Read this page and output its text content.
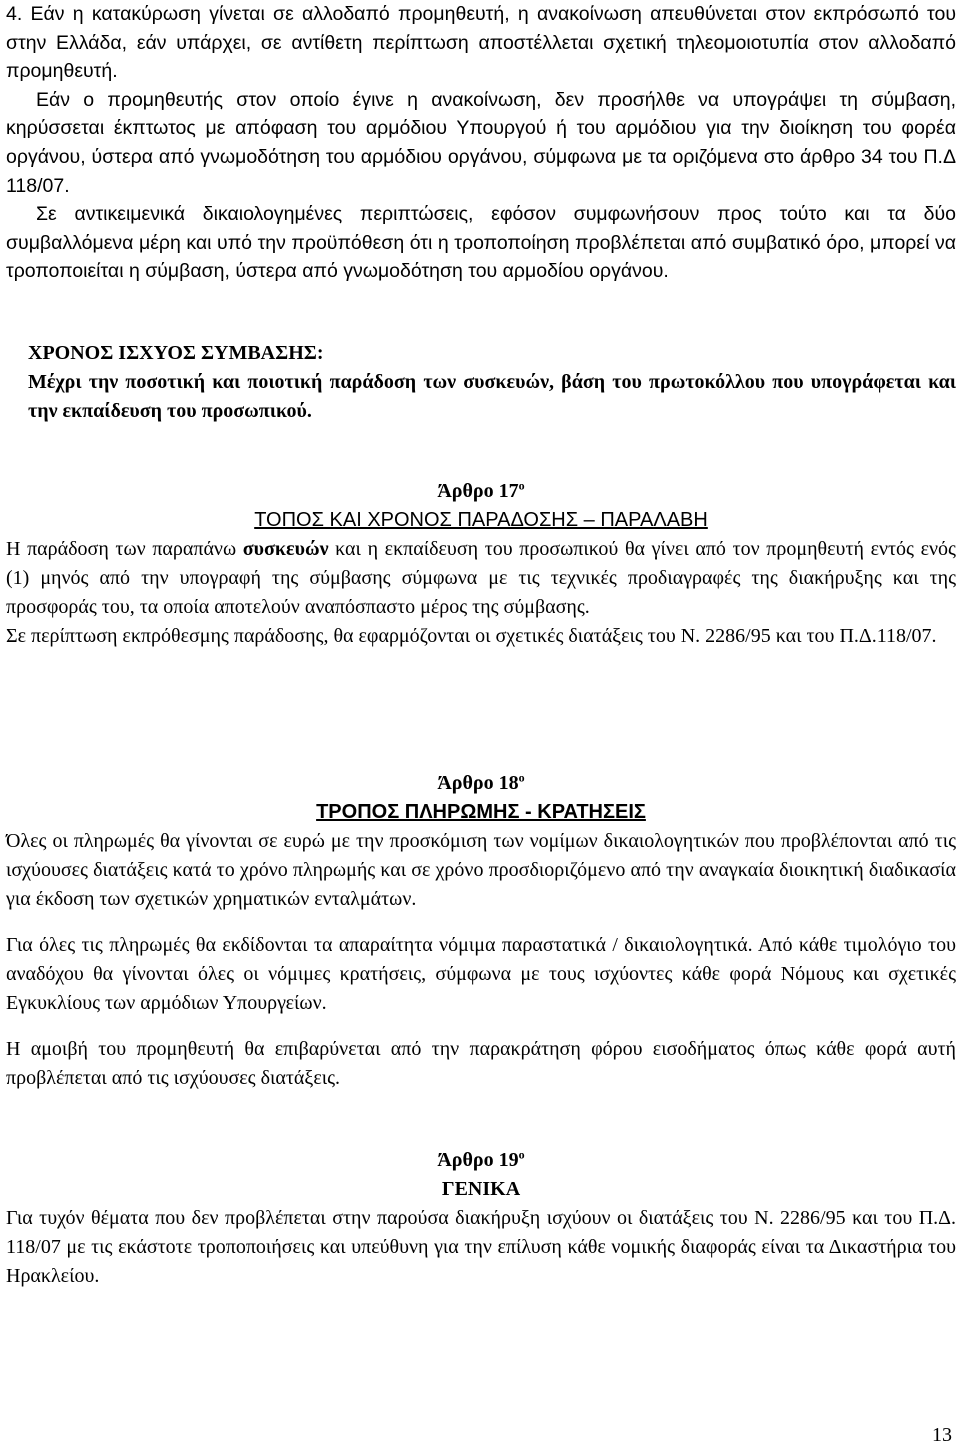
4. Εάν η κατακύρωση γίνεται σε αλλοδαπό προμηθευτή, η ανακοίνωση απευθύνεται στον εκπρόσωπό του στην Ελλάδα, εάν υπάρχει, σε αντίθετη περίπτωση αποστέλλεται σχετική τηλεομοιοτυπία στον αλλοδαπό προμηθευτή.

Εάν ο προμηθευτής στον οποίο έγινε η ανακοίνωση, δεν προσήλθε να υπογράψει τη σύμβαση, κηρύσσεται έκπτωτος με απόφαση του αρμόδιου Υπουργού ή του αρμόδιου για την διοίκηση του φορέα οργάνου, ύστερα από γνωμοδότηση του αρμόδιου οργάνου, σύμφωνα με τα οριζόμενα στο άρθρο 34 του Π.Δ 118/07.

Σε αντικειμενικά δικαιολογημένες περιπτώσεις, εφόσον συμφωνήσουν προς τούτο και τα δύο συμβαλλόμενα μέρη και υπό την προϋπόθεση ότι η τροποποίηση προβλέπεται από συμβατικό όρο, μπορεί να τροποποιείται η σύμβαση, ύστερα από γνωμοδότηση του αρμοδίου οργάνου.

ΧΡΟΝΟΣ ΙΣΧΥΟΣ ΣΥΜΒΑΣΗΣ:

Μέχρι την ποσοτική και ποιοτική παράδοση των συσκευών, βάση του πρωτοκόλλου που υπογράφεται και την εκπαίδευση του προσωπικού.

Άρθρο $17^o$

ΤΟΠΟΣ ΚΑΙ ΧΡΟΝΟΣ ΠΑΡΑΔΟΣΗΣ – ΠΑΡΑΛΑΒΗ

Η παράδοση των παραπάνω συσκευών και η εκπαίδευση του προσωπικού θα γίνει από τον προμηθευτή εντός ενός (1) μηνός από την υπογραφή της σύμβασης σύμφωνα με τις τεχνικές προδιαγραφές της διακήρυξης και της προσφοράς του, τα οποία αποτελούν αναπόσπαστο μέρος της σύμβασης.

Σε περίπτωση εκπρόθεσμης παράδοσης, θα εφαρμόζονται οι σχετικές διατάξεις του Ν. 2286/95 και του Π.Δ.118/07.

Άρθρο $18^o$

ΤΡΟΠΟΣ ΠΛΗΡΩΜΗΣ - ΚΡΑΤΗΣΕΙΣ

Όλες οι πληρωμές θα γίνονται σε ευρώ με την προσκόμιση των νομίμων δικαιολογητικών που προβλέπονται από τις ισχύουσες διατάξεις κατά το χρόνο πληρωμής και σε χρόνο προσδιοριζόμενο από την αναγκαία διοικητική διαδικασία για έκδοση των σχετικών χρηματικών ενταλμάτων.

Για όλες τις πληρωμές θα εκδίδονται τα απαραίτητα νόμιμα παραστατικά / δικαιολογητικά. Από κάθε τιμολόγιο του αναδόχου θα γίνονται όλες οι νόμιμες κρατήσεις, σύμφωνα με τους ισχύοντες κάθε φορά Νόμους και σχετικές Εγκυκλίους των αρμόδιων Υπουργείων.

Η αμοιβή του προμηθευτή θα επιβαρύνεται από την παρακράτηση φόρου εισοδήματος όπως κάθε φορά αυτή προβλέπεται από τις ισχύουσες διατάξεις.

Άρθρο $19^o$

ΓΕΝΙΚΑ

Για τυχόν θέματα που δεν προβλέπεται στην παρούσα διακήρυξη ισχύουν οι διατάξεις του Ν. 2286/95 και του Π.Δ. 118/07 με τις εκάστοτε τροποποιήσεις και υπεύθυνη για την επίλυση κάθε νομικής διαφοράς είναι τα Δικαστήρια του Ηρακλείου.

13
